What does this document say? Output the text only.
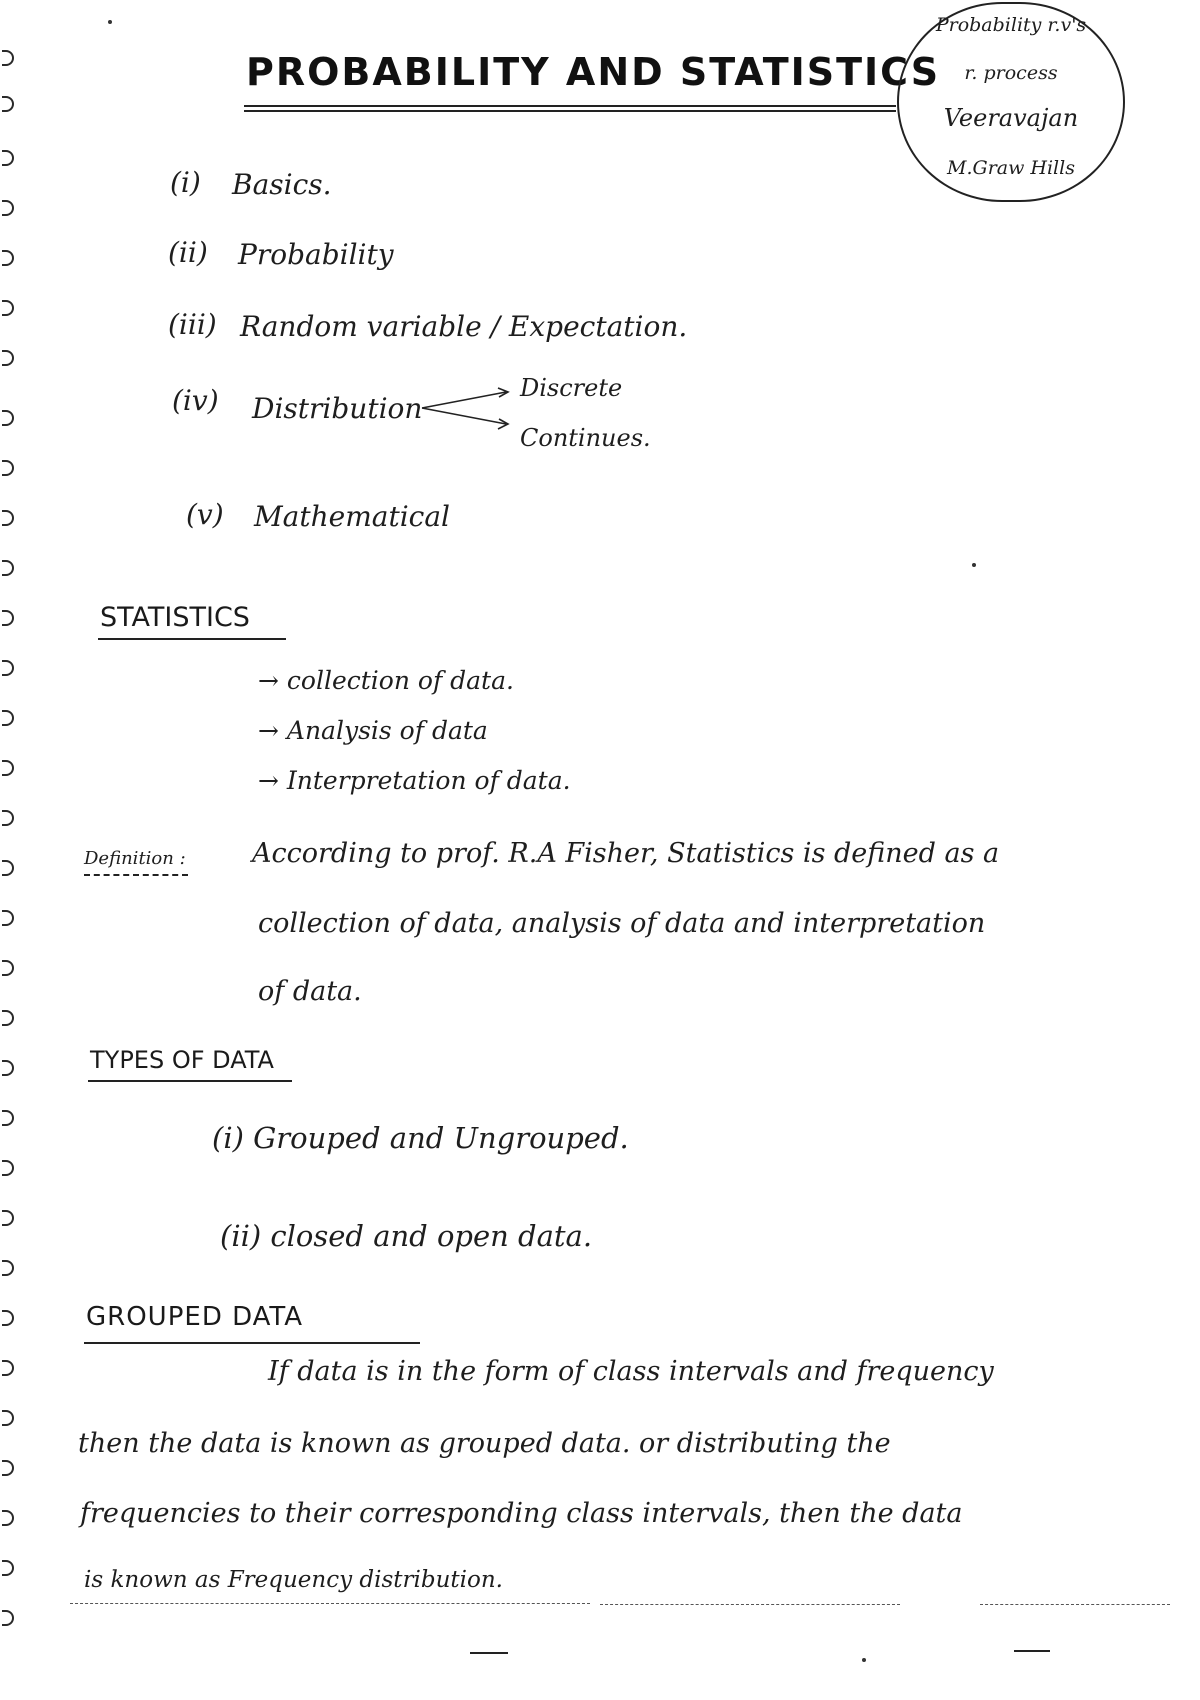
PROBABILITY AND STATISTICS
Probability r.v's
r. process
Veeravajan
M.Graw Hills
(i) Basics.
(ii) Probability
(iii) Random variable / Expectation.
(iv) Distribution
Discrete
Continues.
(v) Mathematical
STATISTICS
→ collection of data.
→ Analysis of data
→ Interpretation of data.
Definition : According to prof. R.A Fisher, Statistics is defined as a
collection of data, analysis of data and interpretation
of data.
TYPES OF DATA
(i) Grouped and Ungrouped.
(ii) closed and open data.
GROUPED DATA
If data is in the form of class intervals and frequency
then the data is known as grouped data. or distributing the
frequencies to their corresponding class intervals, then the data
is known as Frequency distribution.
